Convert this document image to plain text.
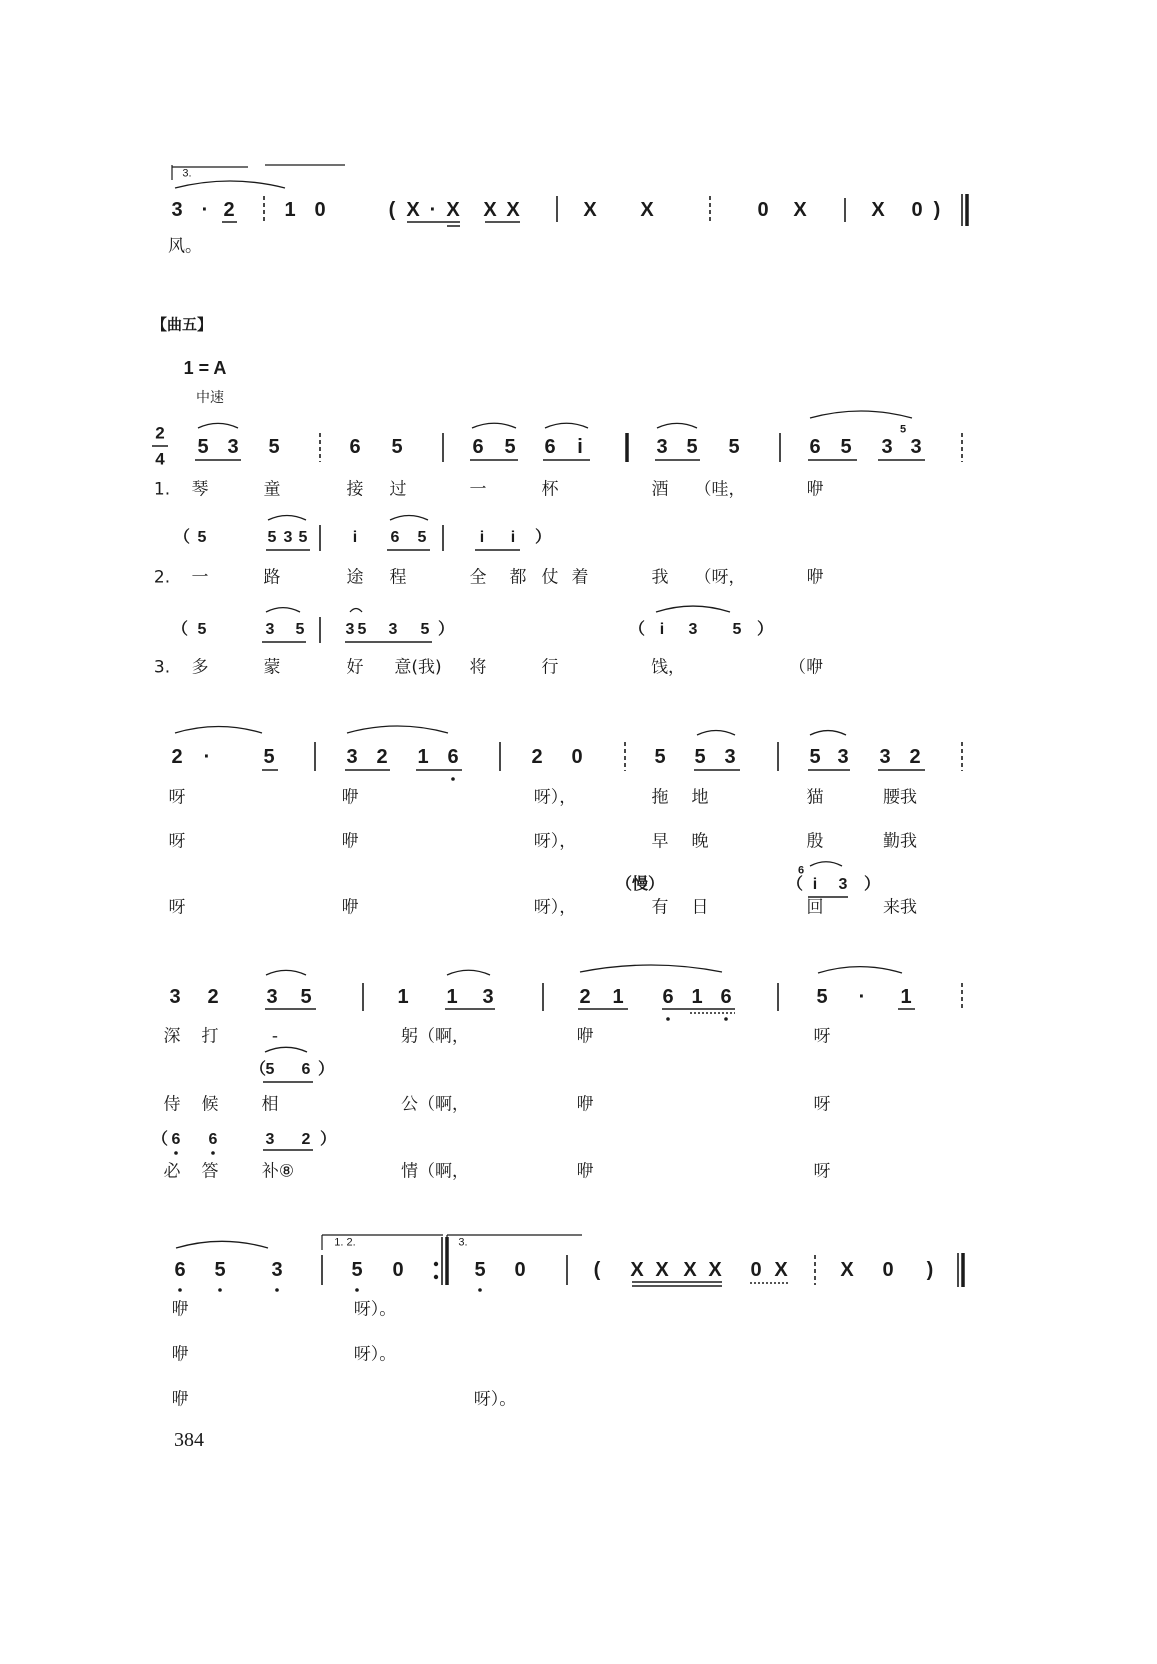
【曲五】
1 = A
中速
2
4
5
6
3.
1. 2.	3.
384
3 · 2 1 0	( X · X X X	X X	0 X	X 0 )
风。
5 3 5	6 5	6 5 6 i	3 5 5	6 5 3 3
1. 琴	童	接 过	一	杯	酒 （哇，	咿
（ 5	5 3 5	i 6 5	i i ）
2. 一	路	途 程	全 都 仗 着	我 （呀，	咿
（ 5	3 5	3 5 3 5 ）	（ i 3 5 ）
3. 多	蒙	好 意(我) 将	行	饯，	（咿
2 ·	5	3 2 1 6	2 0	5 5 3	5 3 3 2
呀	咿	呀），	拖 地	猫	腰我
呀	咿	呀），	早 晚	殷	勤我
（慢）	（ i 3 ）
呀	咿	呀），	有 日	回	来我
3 2 3 5	1 1 3	2 1 6 1 6	5 · 1
深 打	-	躬（啊，	咿	呀
（ 5 6 ）
侍 候	相	公（啊，	咿	呀
（ 6 6	3 2 ）
必 答	补⑧	情（啊，	咿	呀
6 5 3	5 0	5 0	( X X X X 0 X	X 0 )
咿	呀）。
咿	呀）。
咿	呀）。
